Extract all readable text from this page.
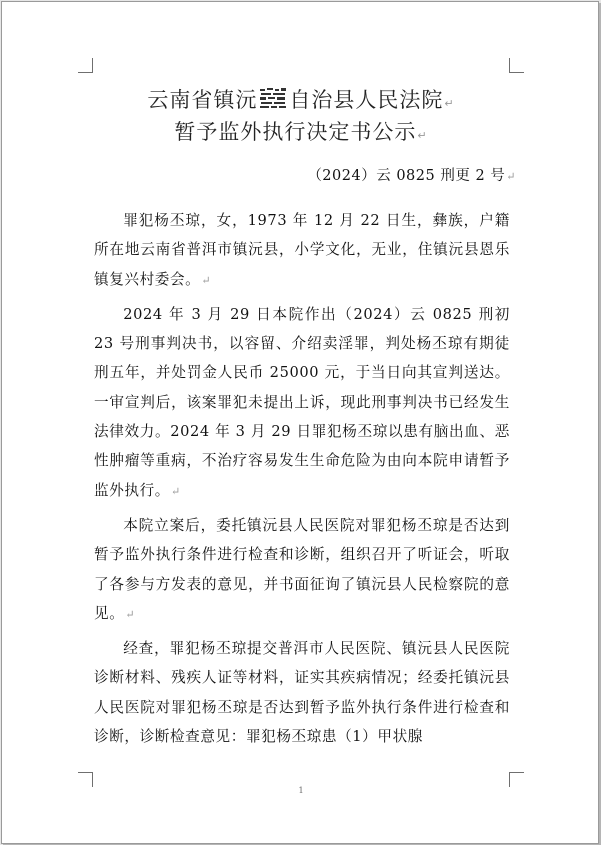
云南省镇沅 自治县人民法院↵
暂予监外执行决定书公示↵
（2024）云 0825 刑更 2 号↵

罪犯杨丕琼，女，1973 年 12 月 22 日生，彝族，户籍所在地云南省普洱市镇沅县，小学文化，无业，住镇沅县恩乐镇复兴村委会。↵

2024 年 3 月 29 日本院作出（2024）云 0825 刑初 23 号刑事判决书，以容留、介绍卖淫罪，判处杨丕琼有期徒刑五年，并处罚金人民币 25000 元，于当日向其宣判送达。一审宣判后，该案罪犯未提出上诉，现此刑事判决书已经发生法律效力。2024 年 3 月 29 日罪犯杨丕琼以患有脑出血、恶性肿瘤等重病，不治疗容易发生生命危险为由向本院申请暂予监外执行。↵

本院立案后，委托镇沅县人民医院对罪犯杨丕琼是否达到暂予监外执行条件进行检查和诊断，组织召开了听证会，听取了各参与方发表的意见，并书面征询了镇沅县人民检察院的意见。↵

经查，罪犯杨丕琼提交普洱市人民医院、镇沅县人民医院诊断材料、残疾人证等材料，证实其疾病情况；经委托镇沅县人民医院对罪犯杨丕琼是否达到暂予监外执行条件进行检查和诊断，诊断检查意见：罪犯杨丕琼患（1）甲状腺

1
